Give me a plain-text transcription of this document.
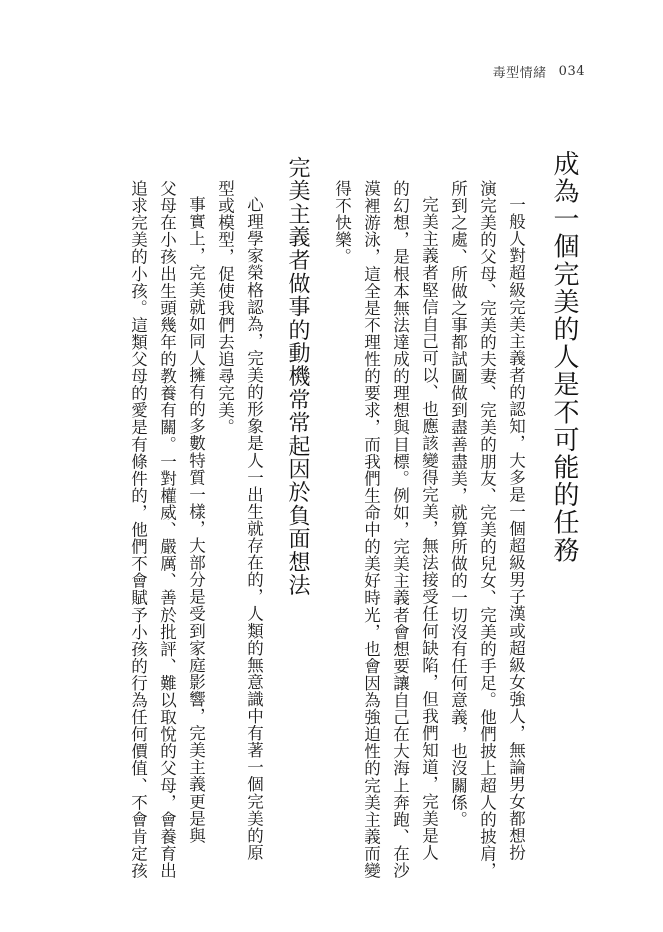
毒型情緒 034
成為一個完美的人是不可能的任務
一般人對超級完美主義者的認知，大多是一個超級男子漢或超級女強人，無論男女都想扮
演完美的父母、完美的夫妻、完美的朋友、完美的兒女、完美的手足。他們披上超人的披肩，
所到之處、所做之事都試圖做到盡善盡美，就算所做的一切沒有任何意義，也沒關係。
完美主義者堅信自己可以、也應該變得完美，無法接受任何缺陷，但我們知道，完美是人
的幻想，是根本無法達成的理想與目標。例如，完美主義者會想要讓自己在大海上奔跑、在沙
漠裡游泳，這全是不理性的要求，而我們生命中的美好時光，也會因為強迫性的完美主義而變
得不快樂。
完美主義者做事的動機常常起因於負面想法
心理學家榮格認為，完美的形象是人一出生就存在的，人類的無意識中有著一個完美的原
型或模型，促使我們去追尋完美。
事實上，完美就如同人擁有的多數特質一樣，大部分是受到家庭影響，完美主義更是與
父母在小孩出生頭幾年的教養有關。一對權威、嚴厲、善於批評、難以取悅的父母，會養育出
追求完美的小孩。這類父母的愛是有條件的，他們不會賦予小孩的行為任何價值、不會肯定孩
